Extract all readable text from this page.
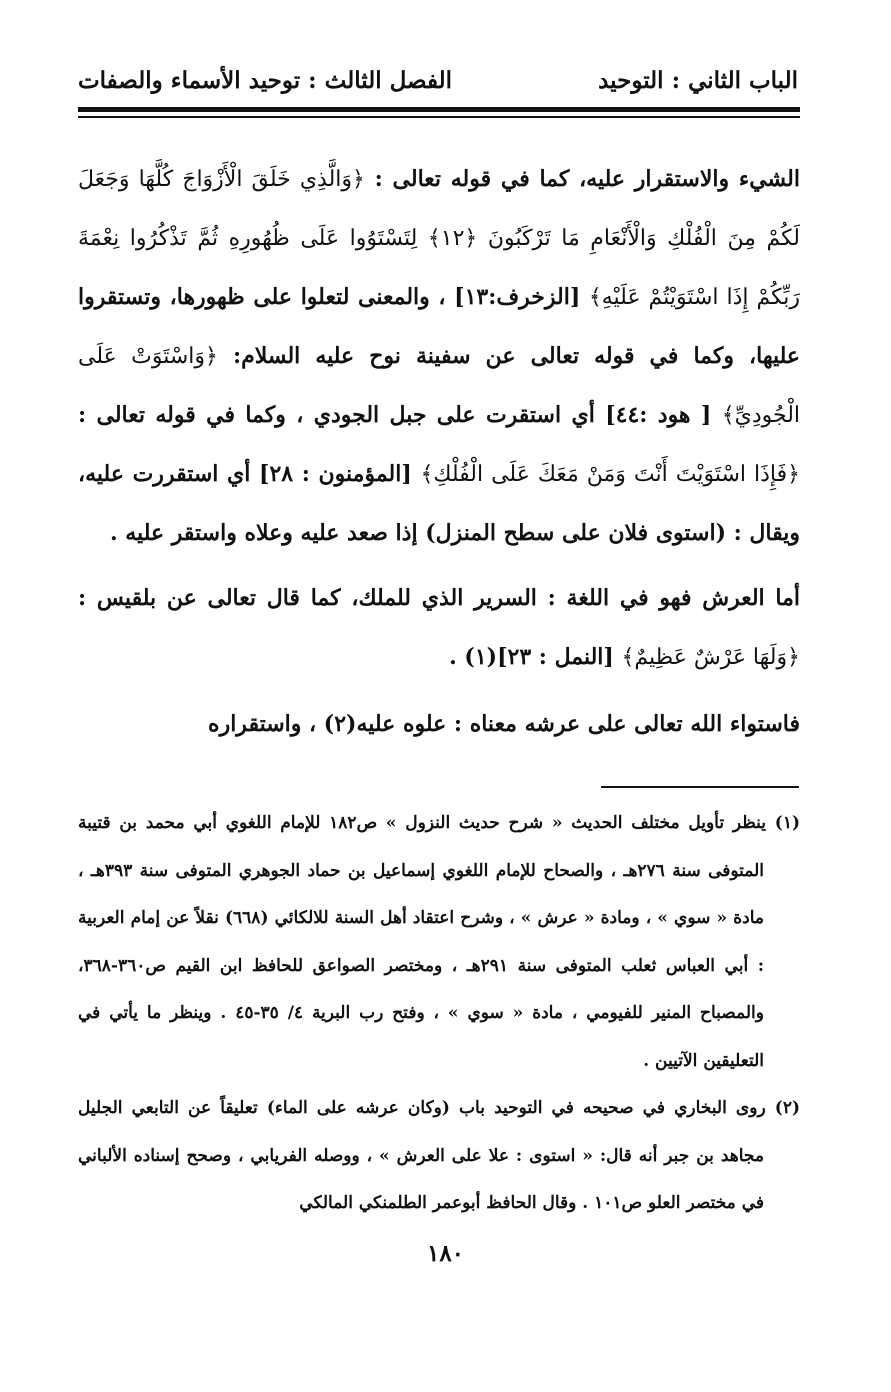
الباب الثاني : التوحيد
الفصل الثالث : توحيد الأسماء والصفات

الشيء والاستقرار عليه، كما في قوله تعالى : ﴿وَالَّذِي خَلَقَ الْأَزْوَاجَ كُلَّهَا وَجَعَلَ لَكُمْ مِنَ الْفُلْكِ وَالْأَنْعَامِ مَا تَرْكَبُونَ ﴿١٢﴾ لِتَسْتَوُوا عَلَى ظُهُورِهِ ثُمَّ تَذْكُرُوا نِعْمَةَ رَبِّكُمْ إِذَا اسْتَوَيْتُمْ عَلَيْهِ﴾ [الزخرف:١٣] ، والمعنى لتعلوا على ظهورها، وتستقروا عليها، وكما في قوله تعالى عن سفينة نوح عليه السلام: ﴿وَاسْتَوَتْ عَلَى الْجُودِيِّ﴾ [ هود :٤٤] أي استقرت على جبل الجودي ، وكما في قوله تعالى : ﴿فَإِذَا اسْتَوَيْتَ أَنْتَ وَمَنْ مَعَكَ عَلَى الْفُلْكِ﴾ [المؤمنون : ٢٨] أي استقررت عليه، ويقال : (استوى فلان على سطح المنزل) إذا صعد عليه وعلاه واستقر عليه .

أما العرش فهو في اللغة : السرير الذي للملك، كما قال تعالى عن بلقيس : ﴿وَلَهَا عَرْشٌ عَظِيمٌ﴾ [النمل : ٢٣](١) .

فاستواء الله تعالى على عرشه معناه : علوه عليه(٢) ، واستقراره

(١) ينظر تأويل مختلف الحديث « شرح حديث النزول » ص١٨٢ للإمام اللغوي أبي محمد بن قتيبة المتوفى سنة ٢٧٦هـ ، والصحاح للإمام اللغوي إسماعيل بن حماد الجوهري المتوفى سنة ٣٩٣هـ ، مادة « سوي » ، ومادة « عرش » ، وشرح اعتقاد أهل السنة للالكائي (٦٦٨) نقلاً عن إمام العربية : أبي العباس ثعلب المتوفى سنة ٢٩١هـ ، ومختصر الصواعق للحافظ ابن القيم ص٣٦٠-٣٦٨، والمصباح المنير للفيومي ، مادة « سوي » ، وفتح رب البرية ٤/ ٣٥-٤٥ . وينظر ما يأتي في التعليقين الآتيين .

(٢) روى البخاري في صحيحه في التوحيد باب (وكان عرشه على الماء) تعليقاً عن التابعي الجليل مجاهد بن جبر أنه قال: « استوى : علا على العرش » ، ووصله الفريابي ، وصحح إسناده الألباني في مختصر العلو ص١٠١ . وقال الحافظ أبوعمر الطلمنكي المالكي

١٨٠
